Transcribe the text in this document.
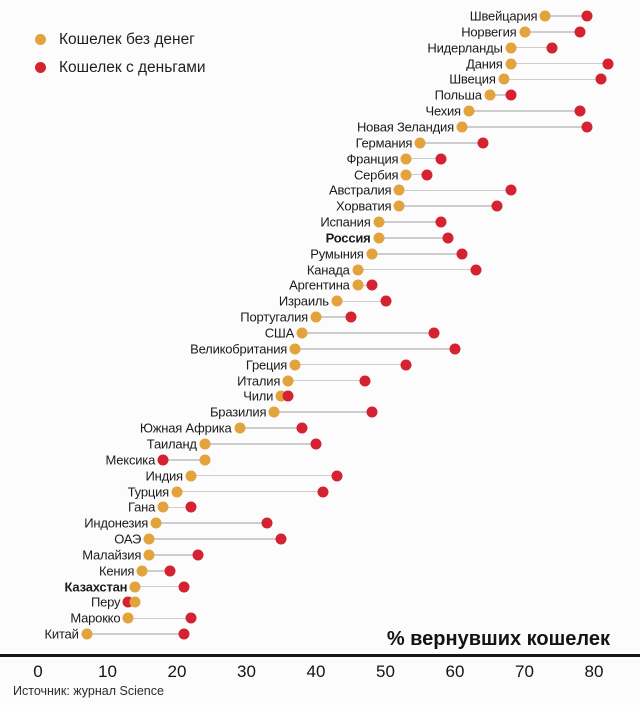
Кошелек без денег
Кошелек с деньгами
Швейцария
Норвегия
Нидерланды
Дания
Швеция
Польша
Чехия
Новая Зеландия
Германия
Франция
Сербия
Австралия
Хорватия
Испания
Россия
Румыния
Канада
Аргентина
Израиль
Португалия
США
Великобритания
Греция
Италия
Чили
Бразилия
Южная Африка
Таиланд
Мексика
Индия
Турция
Гана
Индонезия
ОАЭ
Малайзия
Кения
Казахстан
Перу
Марокко
Китай	% вернувших кошелек
0	10	20	30	40	50	60	70	80
Источник: журнал Science
